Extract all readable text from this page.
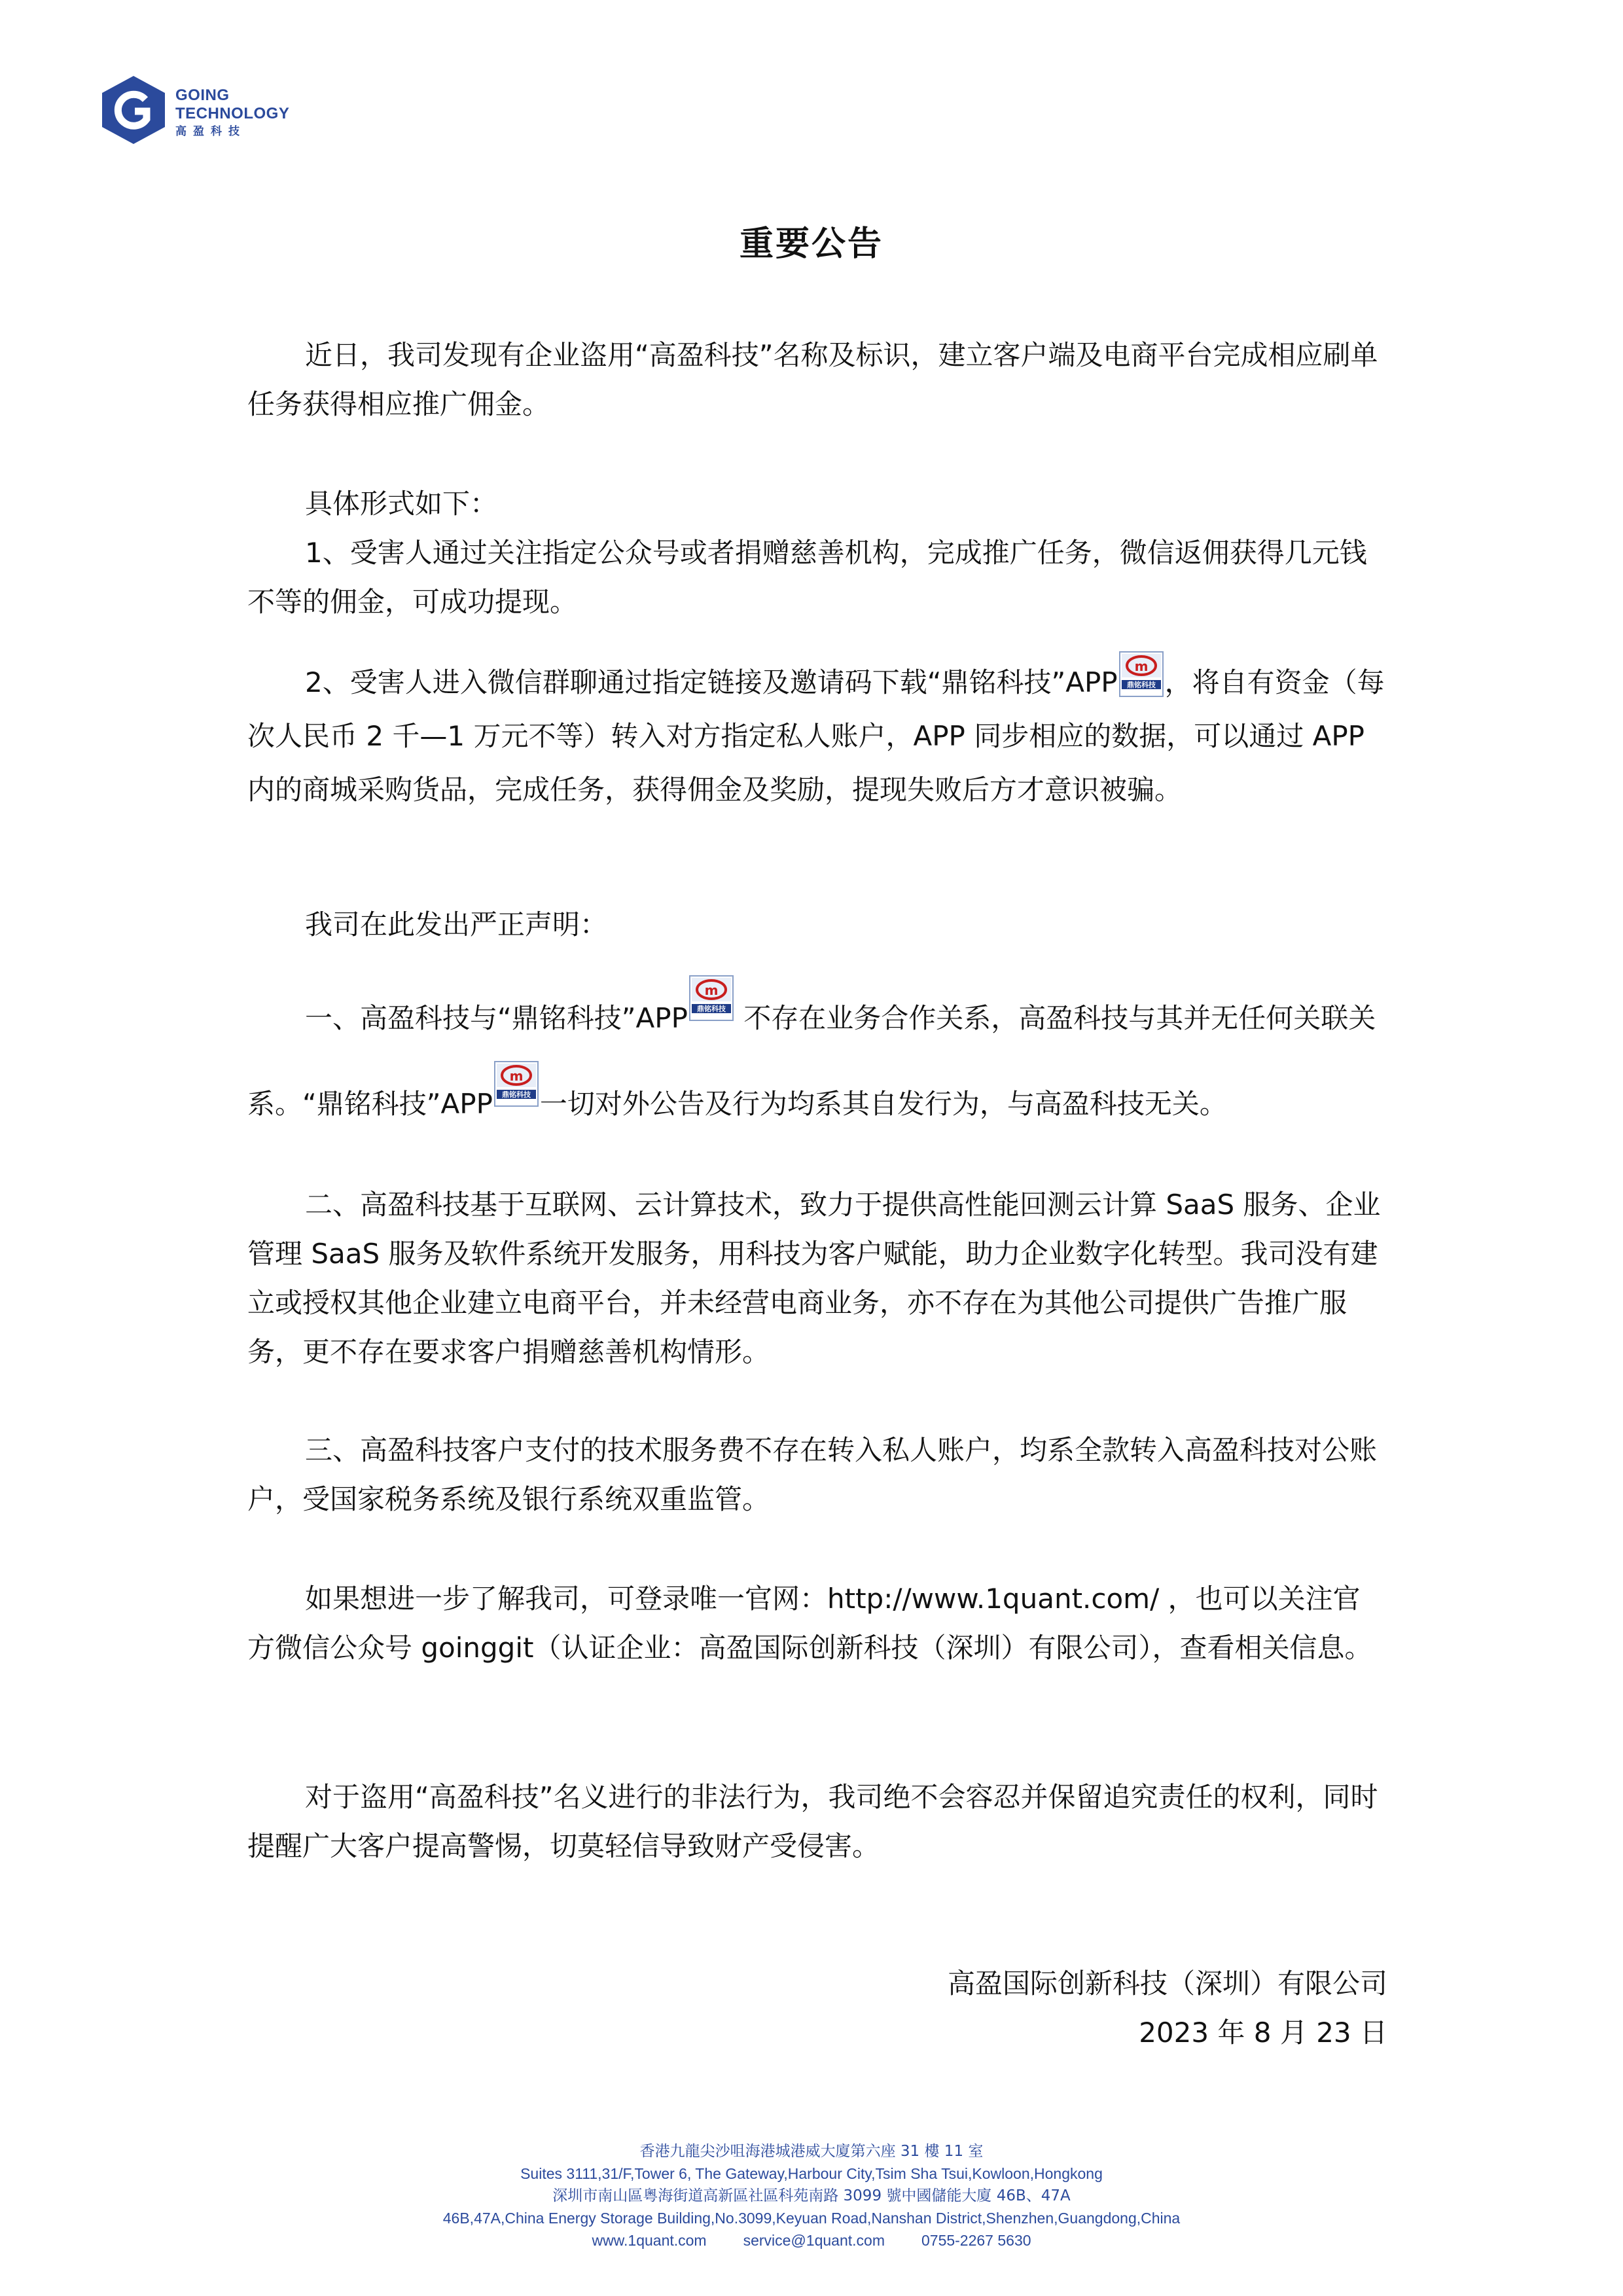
GOING
TECHNOLOGY
高盈科技
重要公告
近日，我司发现有企业盗用“高盈科技”名称及标识，建立客户端及电商平台完成相应刷单任务获得相应推广佣金。
具体形式如下：
1、受害人通过关注指定公众号或者捐赠慈善机构，完成推广任务，微信返佣获得几元钱不等的佣金，可成功提现。
2、受害人进入微信群聊通过指定链接及邀请码下载“鼎铭科技”APP m
鼎铭科技 ，将自有资金（每次人民币 2 千—1 万元不等）转入对方指定私人账户，APP 同步相应的数据，可以通过 APP 内的商城采购货品，完成任务，获得佣金及奖励，提现失败后方才意识被骗。
我司在此发出严正声明：
一、高盈科技与“鼎铭科技”APP
m
鼎铭科技 不存在业务合作关系，高盈科技与其并无任何关联关系。“鼎铭科技”APP
m
鼎铭科技 一切对外公告及行为均系其自发行为，与高盈科技无关。
二、高盈科技基于互联网、云计算技术，致力于提供高性能回测云计算 SaaS 服务、企业管理 SaaS 服务及软件系统开发服务，用科技为客户赋能，助力企业数字化转型。我司没有建立或授权其他企业建立电商平台，并未经营电商业务，亦不存在为其他公司提供广告推广服务，更不存在要求客户捐赠慈善机构情形。
三、高盈科技客户支付的技术服务费不存在转入私人账户，均系全款转入高盈科技对公账户，受国家税务系统及银行系统双重监管。
如果想进一步了解我司，可登录唯一官网：http://www.1quant.com/ ，也可以关注官方微信公众号 goinggit（认证企业：高盈国际创新科技（深圳）有限公司），查看相关信息。
对于盗用“高盈科技”名义进行的非法行为，我司绝不会容忍并保留追究责任的权利，同时提醒广大客户提高警惕，切莫轻信导致财产受侵害。
高盈国际创新科技（深圳）有限公司
2023 年 8 月 23 日
香港九龍尖沙咀海港城港威大廈第六座 31 樓 11 室
Suites 3111,31/F,Tower 6, The Gateway,Harbour City,Tsim Sha Tsui,Kowloon,Hongkong
深圳市南山區粵海街道高新區社區科苑南路 3099 號中國儲能大廈 46B、47A
46B,47A,China Energy Storage Building,No.3099,Keyuan Road,Nanshan District,Shenzhen,Guangdong,China
www.1quant.com service@1quant.com 0755-2267 5630
